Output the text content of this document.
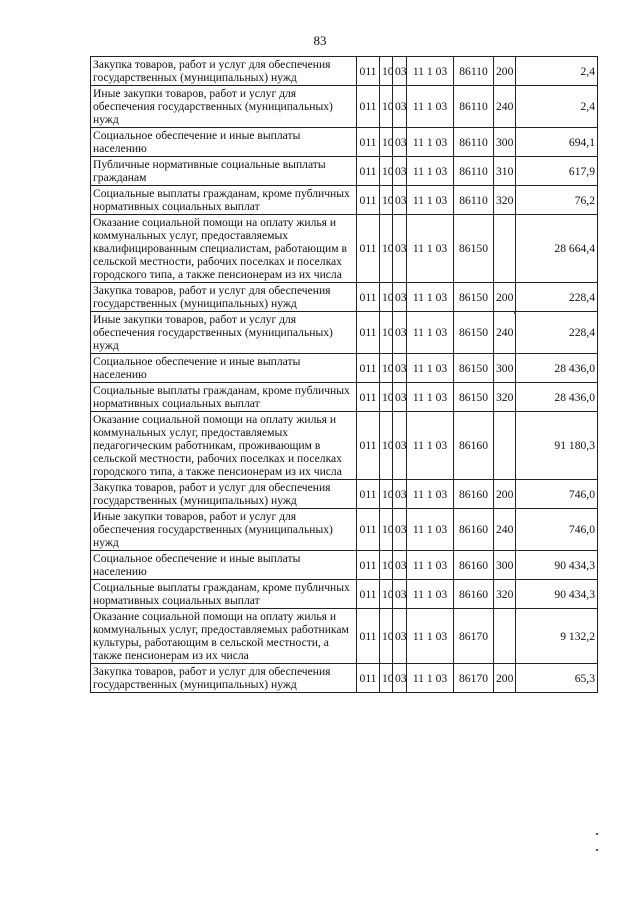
83
Закупка товаров, работ и услуг для обеспечения государственных (муниципальных) нужд	011	10	03	11 1 03	86110	200	2,4
Иные закупки товаров, работ и услуг для обеспечения государственных (муниципальных) нужд	011	10	03	11 1 03	86110	240	2,4
Социальное обеспечение и иные выплаты населению	011	10	03	11 1 03	86110	300	694,1
Публичные нормативные социальные выплаты гражданам	011	10	03	11 1 03	86110	310	617,9
Социальные выплаты гражданам, кроме публичных нормативных социальных выплат	011	10	03	11 1 03	86110	320	76,2
Оказание социальной помощи на оплату жилья и коммунальных услуг, предоставляемых квалифицированным специалистам, работающим в сельской местности, рабочих поселках и поселках городского типа, а также пенсионерам из их числа	011	10	03	11 1 03	86150		28 664,4
Закупка товаров, работ и услуг для обеспечения государственных (муниципальных) нужд	011	10	03	11 1 03	86150	200	228,4
Иные закупки товаров, работ и услуг для обеспечения государственных (муниципальных) нужд	011	10	03	11 1 03	86150	240	228,4
Социальное обеспечение и иные выплаты населению	011	10	03	11 1 03	86150	300	28 436,0
Социальные выплаты гражданам, кроме публичных нормативных социальных выплат	011	10	03	11 1 03	86150	320	28 436,0
Оказание социальной помощи на оплату жилья и коммунальных услуг, предоставляемых педагогическим работникам, проживающим в сельской местности, рабочих поселках и поселках городского типа, а также пенсионерам из их числа	011	10	03	11 1 03	86160		91 180,3
Закупка товаров, работ и услуг для обеспечения государственных (муниципальных) нужд	011	10	03	11 1 03	86160	200	746,0
Иные закупки товаров, работ и услуг для обеспечения государственных (муниципальных) нужд	011	10	03	11 1 03	86160	240	746,0
Социальное обеспечение и иные выплаты населению	011	10	03	11 1 03	86160	300	90 434,3
Социальные выплаты гражданам, кроме публичных нормативных социальных выплат	011	10	03	11 1 03	86160	320	90 434,3
Оказание социальной помощи на оплату жилья и коммунальных услуг, предоставляемых работникам культуры, работающим в сельской местности, а также пенсионерам из их числа	011	10	03	11 1 03	86170		9 132,2
Закупка товаров, работ и услуг для обеспечения государственных (муниципальных) нужд	011	10	03	11 1 03	86170	200	65,3
